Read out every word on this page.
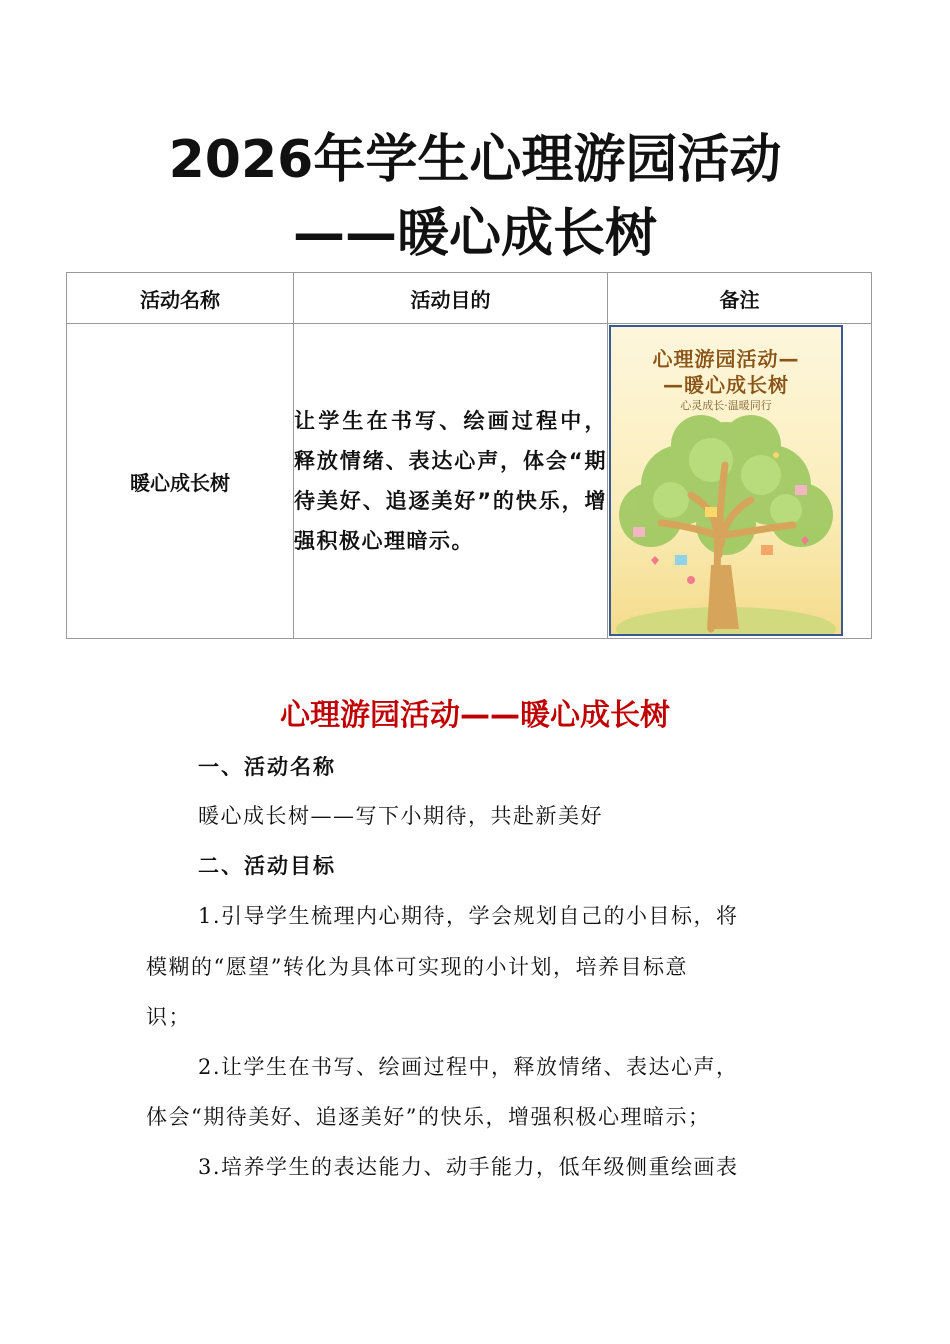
2026年学生心理游园活动
——暖心成长树
活动名称	活动目的	备注
暖心成长树	让学生在书写、绘画过程中，释放情绪、表达心声，体会“期待美好、追逐美好”的快乐，增强积极心理暗示。	心理游园活动—
—暖心成长树
心灵成长·温暖同行
心理游园活动——暖心成长树
一、活动名称
暖心成长树——写下小期待，共赴新美好
二、活动目标
1.引导学生梳理内心期待，学会规划自己的小目标，将
模糊的“愿望”转化为具体可实现的小计划，培养目标意
识；
2.让学生在书写、绘画过程中，释放情绪、表达心声，
体会“期待美好、追逐美好”的快乐，增强积极心理暗示；
3.培养学生的表达能力、动手能力，低年级侧重绘画表
